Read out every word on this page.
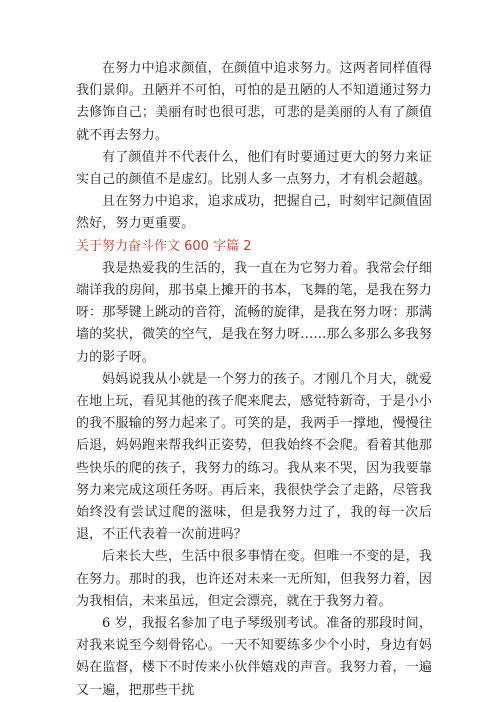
在努力中追求颜值，在颜值中追求努力。这两者同样值得我们景仰。丑陋并不可怕，可怕的是丑陋的人不知道通过努力去修饰自己；美丽有时也很可悲，可悲的是美丽的人有了颜值就不再去努力。

有了颜值并不代表什么，他们有时要通过更大的努力来证实自己的颜值不是虚幻。比别人多一点努力，才有机会超越。

且在努力中追求，追求成功，把握自己，时刻牢记颜值固然好，努力更重要。

关于努力奋斗作文 600 字篇 2

我是热爱我的生活的，我一直在为它努力着。我常会仔细端详我的房间，那书桌上摊开的书本，飞舞的笔，是我在努力呀：那琴键上跳动的音符，流畅的旋律，是我在努力呀：那满墙的奖状，微笑的空气，是我在努力呀……那么多那么多我努力的影子呀。

妈妈说我从小就是一个努力的孩子。才刚几个月大，就爱在地上玩，看见其他的孩子爬来爬去，感觉特新奇，于是小小的我不服输的努力起来了。可笑的是，我两手一撑地，慢慢往后退，妈妈跑来帮我纠正姿势，但我始终不会爬。看着其他那些快乐的爬的孩子，我努力的练习。我从来不哭，因为我要靠努力来完成这项任务呀。再后来，我很快学会了走路，尽管我始终没有尝试过爬的滋味，但是我努力过了，我的每一次后退，不正代表着一次前进吗？

后来长大些，生活中很多事情在变。但唯一不变的是，我在努力。那时的我，也许还对未来一无所知，但我努力着，因为我相信，未来虽远，但定会漂亮，就在于我努力着。

6 岁，我报名参加了电子琴级别考试。准备的那段时间，对我来说至今刻骨铭心。一天不知要练多少个小时，身边有妈妈在监督，楼下不时传来小伙伴嬉戏的声音。我努力着，一遍又一遍，把那些干扰
